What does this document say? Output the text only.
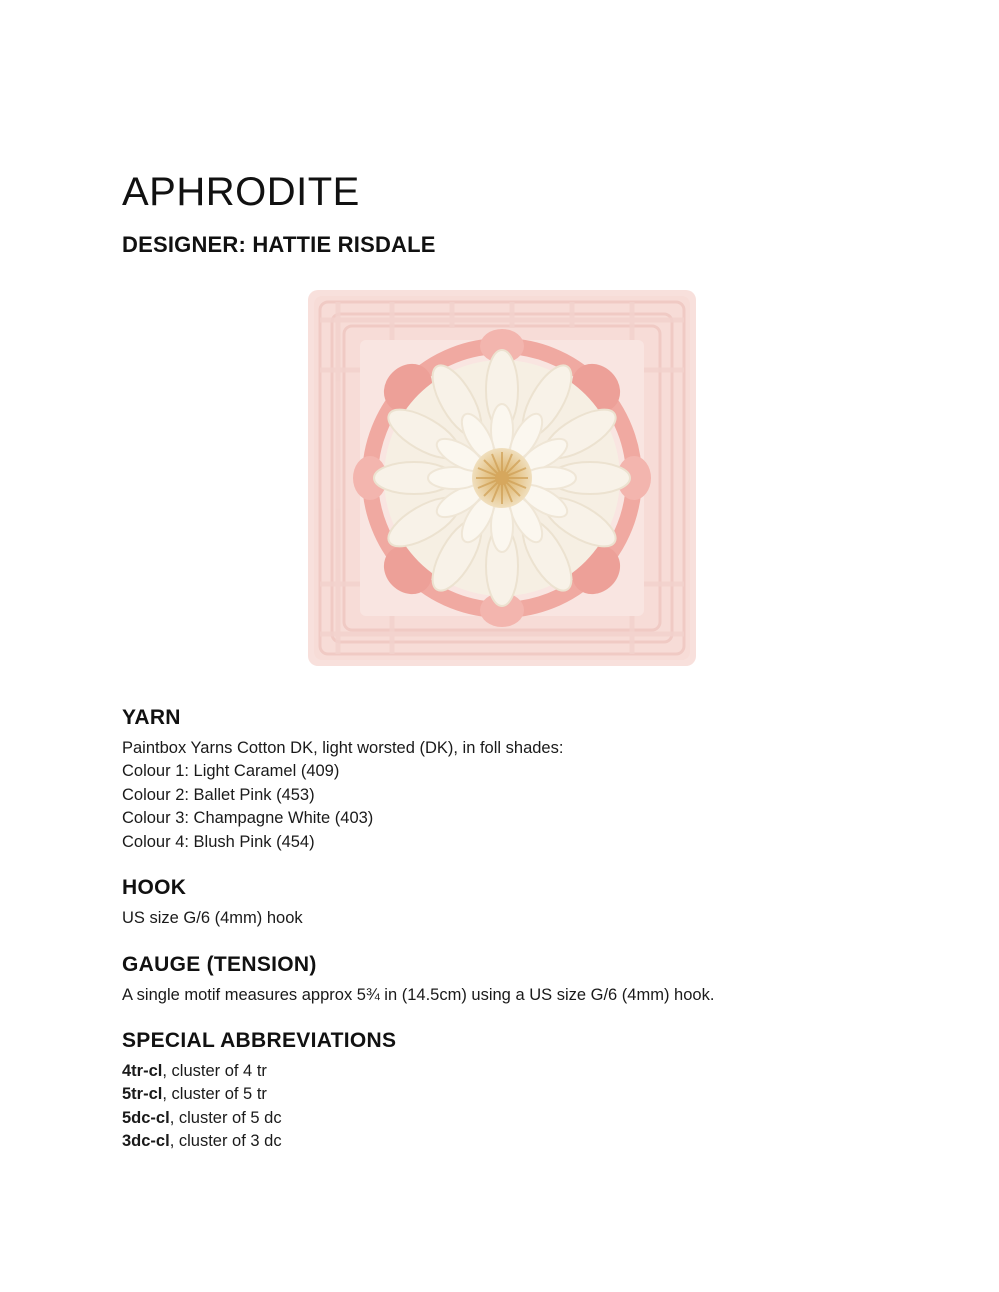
APHRODITE
DESIGNER: HATTIE RISDALE
YARN
Paintbox Yarns Cotton DK, light worsted (DK), in foll shades:
Colour 1: Light Caramel (409)
Colour 2: Ballet Pink (453)
Colour 3: Champagne White (403)
Colour 4: Blush Pink (454)
HOOK
US size G/6 (4mm) hook
GAUGE (TENSION)
A single motif measures approx 5¾ in (14.5cm) using a US size G/6 (4mm) hook.
SPECIAL ABBREVIATIONS
4tr-cl, cluster of 4 tr
5tr-cl, cluster of 5 tr
5dc-cl, cluster of 5 dc
3dc-cl, cluster of 3 dc
